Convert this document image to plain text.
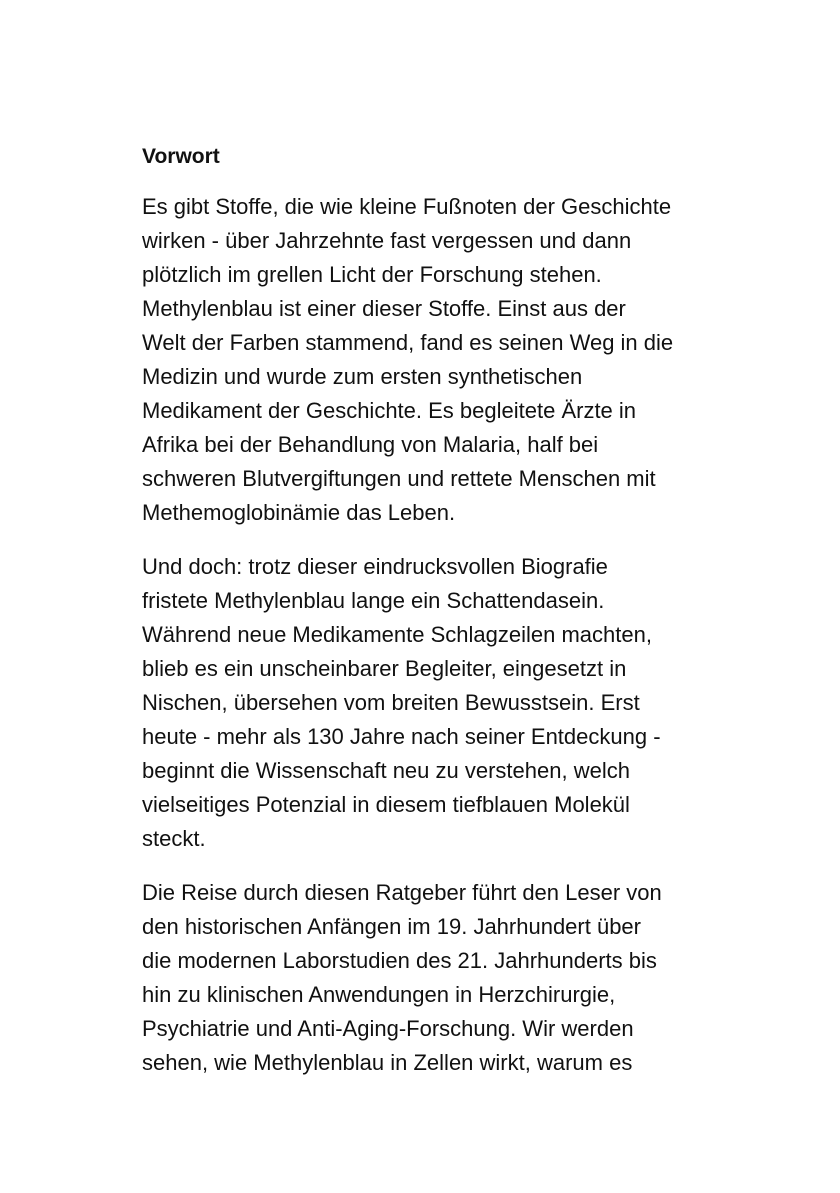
Vorwort
Es gibt Stoffe, die wie kleine Fußnoten der Geschichte
wirken - über Jahrzehnte fast vergessen und dann
plötzlich im grellen Licht der Forschung stehen.
Methylenblau ist einer dieser Stoffe. Einst aus der
Welt der Farben stammend, fand es seinen Weg in die
Medizin und wurde zum ersten synthetischen
Medikament der Geschichte. Es begleitete Ärzte in
Afrika bei der Behandlung von Malaria, half bei
schweren Blutvergiftungen und rettete Menschen mit
Methemoglobinämie das Leben.
Und doch: trotz dieser eindrucksvollen Biografie
fristete Methylenblau lange ein Schattendasein.
Während neue Medikamente Schlagzeilen machten,
blieb es ein unscheinbarer Begleiter, eingesetzt in
Nischen, übersehen vom breiten Bewusstsein. Erst
heute - mehr als 130 Jahre nach seiner Entdeckung -
beginnt die Wissenschaft neu zu verstehen, welch
vielseitiges Potenzial in diesem tiefblauen Molekül
steckt.
Die Reise durch diesen Ratgeber führt den Leser von
den historischen Anfängen im 19. Jahrhundert über
die modernen Laborstudien des 21. Jahrhunderts bis
hin zu klinischen Anwendungen in Herzchirurgie,
Psychiatrie und Anti-Aging-Forschung. Wir werden
sehen, wie Methylenblau in Zellen wirkt, warum es
